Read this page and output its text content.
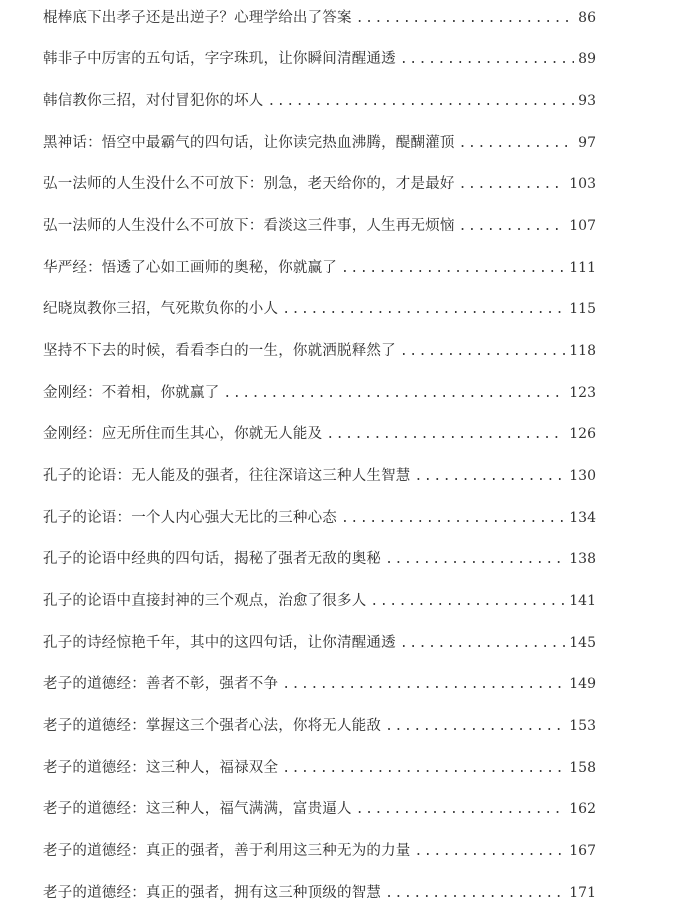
棍棒底下出孝子还是出逆子？心理学给出了答案 .....	86
韩非子中厉害的五句话，字字珠玑，让你瞬间清醒通透 .....	89
韩信教你三招，对付冒犯你的坏人 .....	93
黑神话：悟空中最霸气的四句话，让你读完热血沸腾，醍醐灌顶 .....	97
弘一法师的人生没什么不可放下：别急，老天给你的，才是最好 .....	103
弘一法师的人生没什么不可放下：看淡这三件事，人生再无烦恼 .....	107
华严经：悟透了心如工画师的奥秘，你就赢了 .....	111
纪晓岚教你三招，气死欺负你的小人 .....	115
坚持不下去的时候，看看李白的一生，你就洒脱释然了 .....	118
金刚经：不着相，你就赢了 .....	123
金刚经：应无所住而生其心，你就无人能及 .....	126
孔子的论语：无人能及的强者，往往深谙这三种人生智慧 .....	130
孔子的论语：一个人内心强大无比的三种心态 .....	134
孔子的论语中经典的四句话，揭秘了强者无敌的奥秘 .....	138
孔子的论语中直接封神的三个观点，治愈了很多人 .....	141
孔子的诗经惊艳千年，其中的这四句话，让你清醒通透 .....	145
老子的道德经：善者不彰，强者不争 .....	149
老子的道德经：掌握这三个强者心法，你将无人能敌 .....	153
老子的道德经：这三种人，福禄双全 .....	158
老子的道德经：这三种人，福气满满，富贵逼人 .....	162
老子的道德经：真正的强者，善于利用这三种无为的力量 .....	167
老子的道德经：真正的强者，拥有这三种顶级的智慧 .....	171
